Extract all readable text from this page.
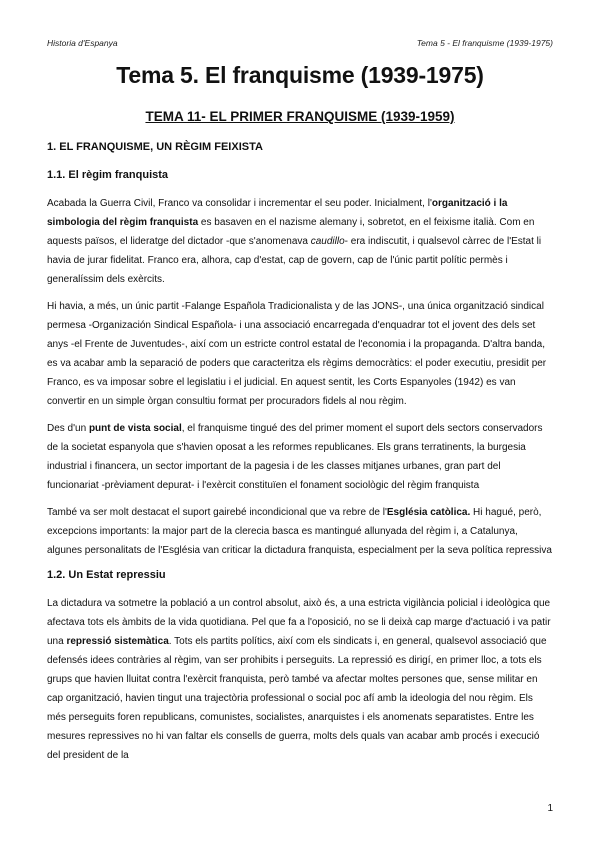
Historia d'Espanya	Tema 5 - El franquisme (1939-1975)
Tema 5. El franquisme (1939-1975)
TEMA 11- EL PRIMER FRANQUISME (1939-1959)
1. EL FRANQUISME, UN RÈGIM FEIXISTA
1.1. El règim franquista

Acabada la Guerra Civil, Franco va consolidar i incrementar el seu poder. Inicialment, l'organització i la simbologia del règim franquista es basaven en el nazisme alemany i, sobretot, en el feixisme italià. Com en aquests països, el lideratge del dictador -que s'anomenava caudillo- era indiscutit, i qualsevol càrrec de l'Estat li havia de jurar fidelitat. Franco era, alhora, cap d'estat, cap de govern, cap de l'únic partit polític permès i generalíssim dels exèrcits.

Hi havia, a més, un únic partit -Falange Española Tradicionalista y de las JONS-, una única organització sindical permesa -Organización Sindical Española- i una associació encarregada d'enquadrar tot el jovent des dels set anys -el Frente de Juventudes-, així com un estricte control estatal de l'economia i la propaganda. D'altra banda, es va acabar amb la separació de poders que caracteritza els règims democràtics: el poder executiu, presidit per Franco, es va imposar sobre el legislatiu i el judicial. En aquest sentit, les Corts Espanyoles (1942) es van convertir en un simple òrgan consultiu format per procuradors fidels al nou règim.

Des d'un punt de vista social, el franquisme tingué des del primer moment el suport dels sectors conservadors de la societat espanyola que s'havien oposat a les reformes republicanes. Els grans terratinents, la burgesia industrial i financera, un sector important de la pagesia i de les classes mitjanes urbanes, gran part del funcionariat -prèviament depurat- i l'exèrcit constituïen el fonament sociològic del règim franquista

També va ser molt destacat el suport gairebé incondicional que va rebre de l'Església catòlica. Hi hagué, però, excepcions importants: la major part de la clerecia basca es mantingué allunyada del règim i, a Catalunya, algunes personalitats de l'Església van criticar la dictadura franquista, especialment per la seva política repressiva

1.2. Un Estat repressiu

La dictadura va sotmetre la població a un control absolut, això és, a una estricta vigilància policial i ideològica que afectava tots els àmbits de la vida quotidiana. Pel que fa a l'oposició, no se li deixà cap marge d'actuació i va patir una repressió sistemàtica. Tots els partits polítics, així com els sindicats i, en general, qualsevol associació que defensés idees contràries al règim, van ser prohibits i perseguits. La repressió es dirigí, en primer lloc, a tots els grups que havien lluitat contra l'exèrcit franquista, però també va afectar moltes persones que, sense militar en cap organització, havien tingut una trajectòria professional o social poc afí amb la ideologia del nou règim. Els més perseguits foren republicans, comunistes, socialistes, anarquistes i els anomenats separatistes. Entre les mesures repressives no hi van faltar els consells de guerra, molts dels quals van acabar amb procés i execució del president de la

1
